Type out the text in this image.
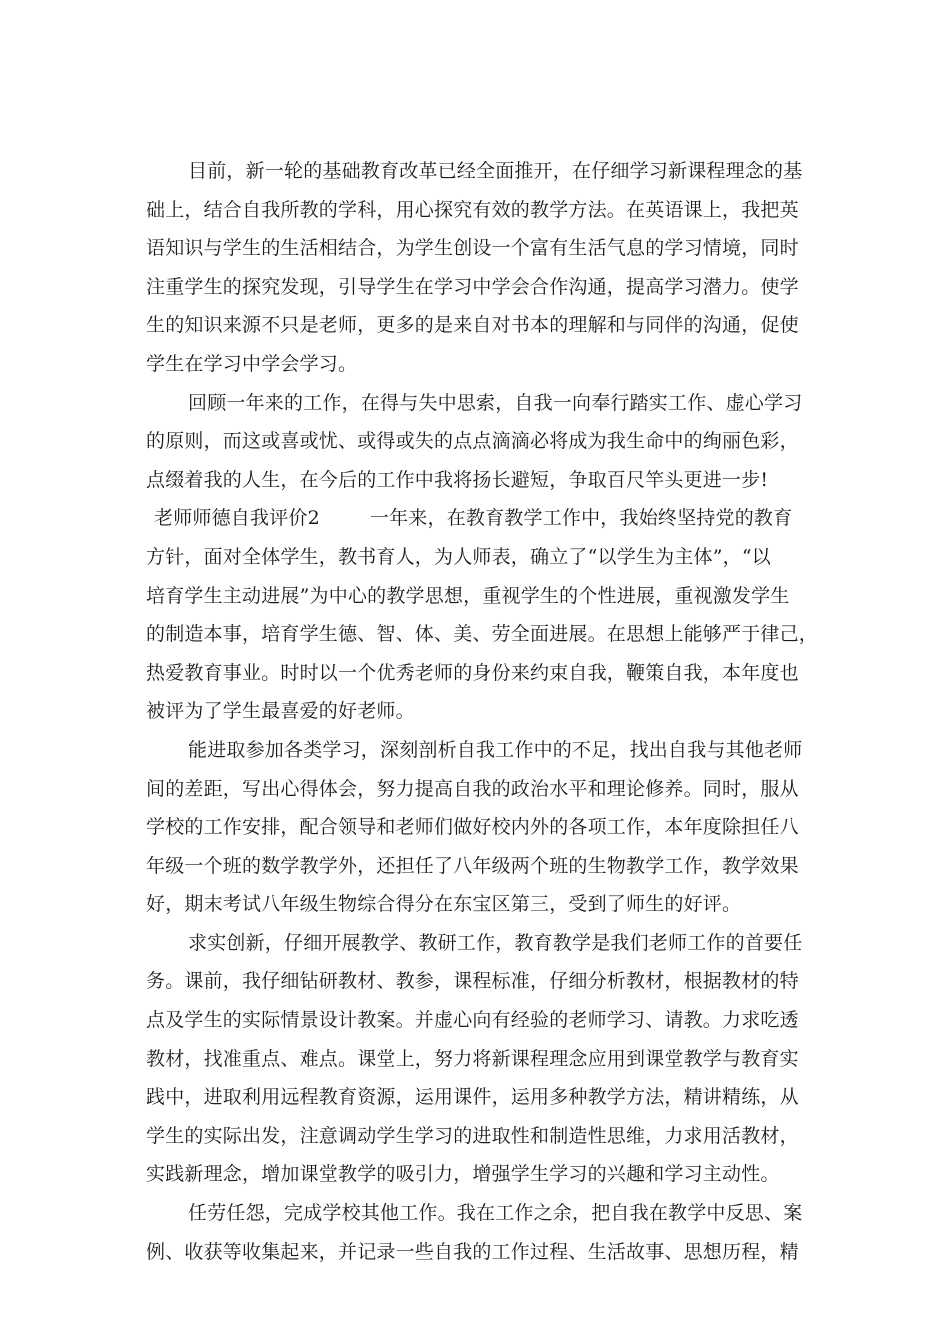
目前，新一轮的基础教育改革已经全面推开，在仔细学习新课程理念的基
础上，结合自我所教的学科，用心探究有效的教学方法。在英语课上，我把英
语知识与学生的生活相结合，为学生创设一个富有生活气息的学习情境，同时
注重学生的探究发现，引导学生在学习中学会合作沟通，提高学习潜力。使学
生的知识来源不只是老师，更多的是来自对书本的理解和与同伴的沟通，促使
学生在学习中学会学习。
回顾一年来的工作，在得与失中思索，自我一向奉行踏实工作、虚心学习
的原则，而这或喜或忧、或得或失的点点滴滴必将成为我生命中的绚丽色彩，
点缀着我的人生，在今后的工作中我将扬长避短，争取百尺竿头更进一步!
老师师德自我评价2	一年来，在教育教学工作中，我始终坚持党的教育
方针，面对全体学生，教书育人，为人师表，确立了“以学生为主体”，“以
培育学生主动进展”为中心的教学思想，重视学生的个性进展，重视激发学生
的制造本事，培育学生德、智、体、美、劳全面进展。在思想上能够严于律己，
热爱教育事业。时时以一个优秀老师的身份来约束自我，鞭策自我，本年度也
被评为了学生最喜爱的好老师。
能进取参加各类学习，深刻剖析自我工作中的不足，找出自我与其他老师
间的差距，写出心得体会，努力提高自我的政治水平和理论修养。同时，服从
学校的工作安排，配合领导和老师们做好校内外的各项工作，本年度除担任八
年级一个班的数学教学外，还担任了八年级两个班的生物教学工作，教学效果
好，期末考试八年级生物综合得分在东宝区第三，受到了师生的好评。
求实创新，仔细开展教学、教研工作，教育教学是我们老师工作的首要任
务。课前，我仔细钻研教材、教参，课程标准，仔细分析教材，根据教材的特
点及学生的实际情景设计教案。并虚心向有经验的老师学习、请教。力求吃透
教材，找准重点、难点。课堂上，努力将新课程理念应用到课堂教学与教育实
践中，进取利用远程教育资源，运用课件，运用多种教学方法，精讲精练，从
学生的实际出发，注意调动学生学习的进取性和制造性思维，力求用活教材，
实践新理念，增加课堂教学的吸引力，增强学生学习的兴趣和学习主动性。
任劳任怨，完成学校其他工作。我在工作之余，把自我在教学中反思、案
例、收获等收集起来，并记录一些自我的工作过程、生活故事、思想历程，精
